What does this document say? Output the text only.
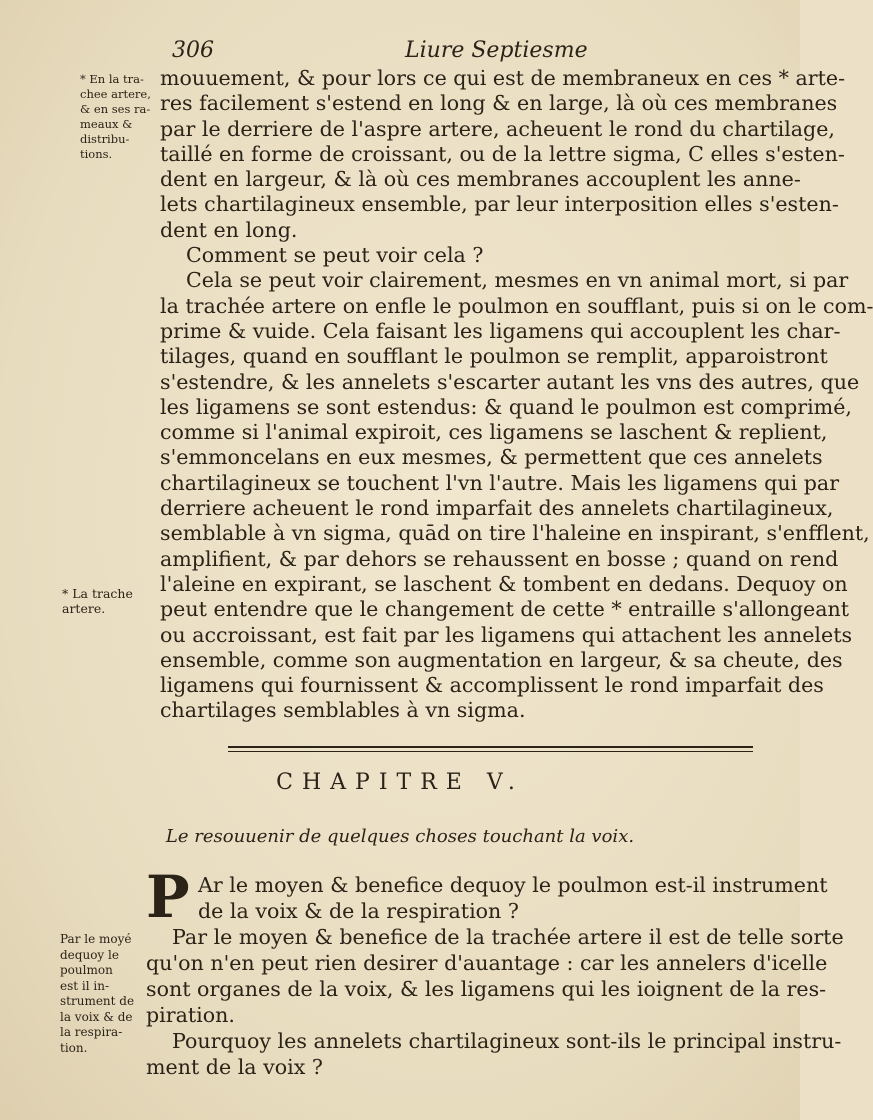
306	Liure Septiesme
* En la tra-
chee artere,
& en ses ra-
meaux &
distribu-
tions.
* La trache
artere.
Par le moyé
dequoy le
poulmon
est il in-
strument de
la voix & de
la respira-
tion.
mouuement, & pour lors ce qui est de membraneux en ces * arte-
res facilement s'estend en long & en large, là où ces membranes
par le derriere de l'aspre artere, acheuent le rond du chartilage,
taillé en forme de croissant, ou de la lettre sigma, C elles s'esten-
dent en largeur, & là où ces membranes accouplent les anne-
lets chartilagineux ensemble, par leur interposition elles s'esten-
dent en long.
Comment se peut voir cela ?
Cela se peut voir clairement, mesmes en vn animal mort, si par
la trachée artere on enfle le poulmon en soufflant, puis si on le com-
prime & vuide. Cela faisant les ligamens qui accouplent les char-
tilages, quand en soufflant le poulmon se remplit, apparoistront
s'estendre, & les annelets s'escarter autant les vns des autres, que
les ligamens se sont estendus: & quand le poulmon est comprimé,
comme si l'animal expiroit, ces ligamens se laschent & replient,
s'emmoncelans en eux mesmes, & permettent que ces annelets
chartilagineux se touchent l'vn l'autre. Mais les ligamens qui par
derriere acheuent le rond imparfait des annelets chartilagineux,
semblable à vn sigma, quād on tire l'haleine en inspirant, s'enfflent,
amplifient, & par dehors se rehaussent en bosse ; quand on rend
l'aleine en expirant, se laschent & tombent en dedans. Dequoy on
peut entendre que le changement de cette * entraille s'allongeant
ou accroissant, est fait par les ligamens qui attachent les annelets
ensemble, comme son augmentation en largeur, & sa cheute, des
ligamens qui fournissent & accomplissent le rond imparfait des
chartilages semblables à vn sigma.
CHAPITRE V.
Le resouuenir de quelques choses touchant la voix.
P Ar le moyen & benefice dequoy le poulmon est-il instrument
de la voix & de la respiration ?
Par le moyen & benefice de la trachée artere il est de telle sorte
qu'on n'en peut rien desirer d'auantage : car les annelers d'icelle
sont organes de la voix, & les ligamens qui les ioignent de la res-
piration.
Pourquoy les annelets chartilagineux sont-ils le principal instru-
ment de la voix ?
